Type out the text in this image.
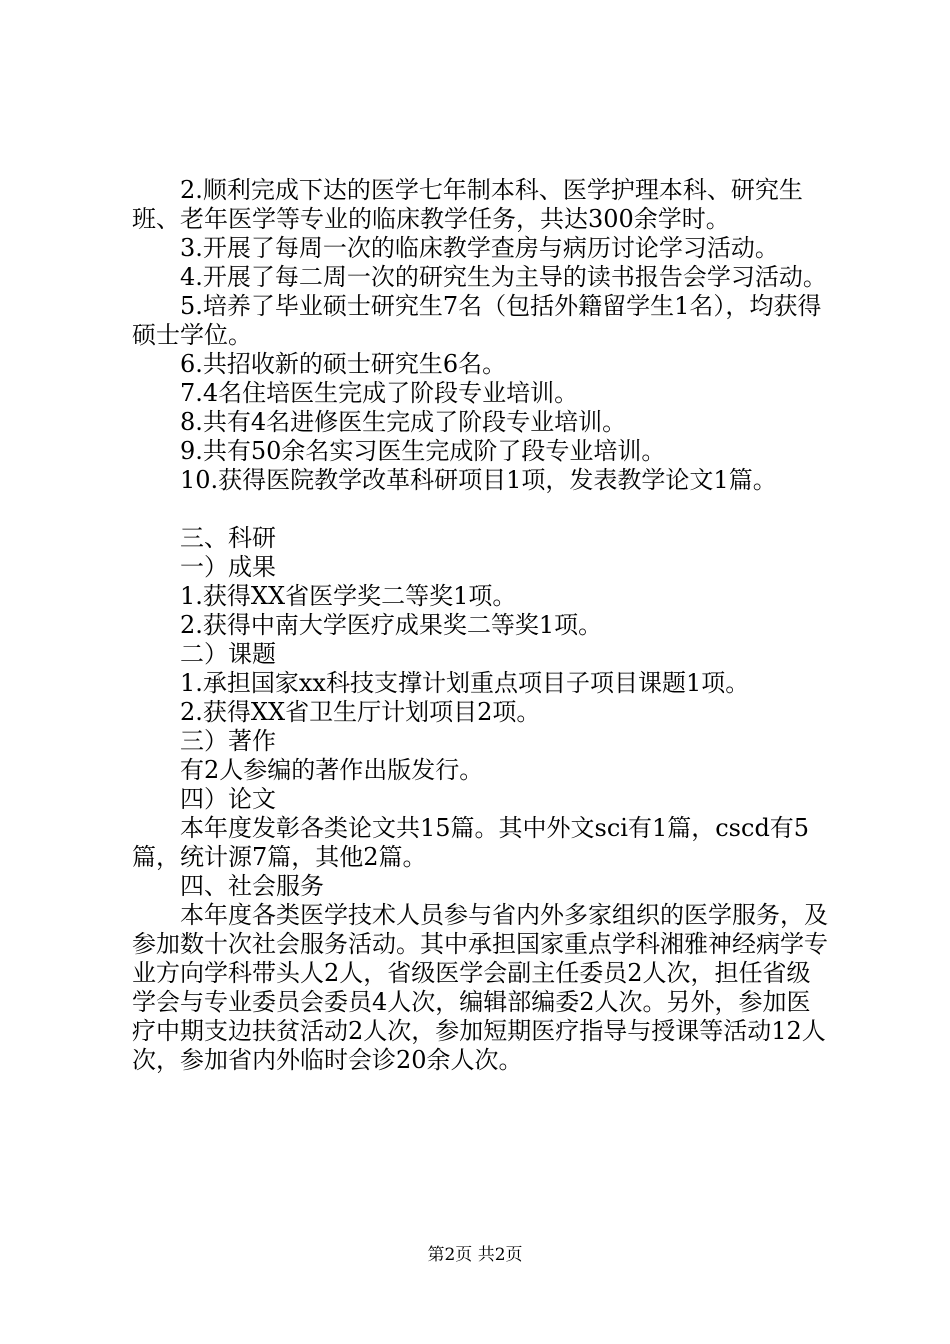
2.顺利完成下达的医学七年制本科、医学护理本科、研究生班、老年医学等专业的临床教学任务，共达300余学时。

3.开展了每周一次的临床教学查房与病历讨论学习活动。

4.开展了每二周一次的研究生为主导的读书报告会学习活动。

5.培养了毕业硕士研究生7名（包括外籍留学生1名），均获得硕士学位。

6.共招收新的硕士研究生6名。

7.4名住培医生完成了阶段专业培训。

8.共有4名进修医生完成了阶段专业培训。

9.共有50余名实习医生完成阶了段专业培训。

10.获得医院教学改革科研项目1项，发表教学论文1篇。

三、科研

一）成果

1.获得XX省医学奖二等奖1项。

2.获得中南大学医疗成果奖二等奖1项。

二）课题

1.承担国家xx科技支撑计划重点项目子项目课题1项。

2.获得XX省卫生厅计划项目2项。

三）著作

有2人参编的著作出版发行。

四）论文

本年度发彰各类论文共15篇。其中外文sci有1篇，cscd有5篇，统计源7篇，其他2篇。

四、社会服务

本年度各类医学技术人员参与省内外多家组织的医学服务，及参加数十次社会服务活动。其中承担国家重点学科湘雅神经病学专业方向学科带头人2人，省级医学会副主任委员2人次，担任省级学会与专业委员会委员4人次，编辑部编委2人次。另外，参加医疗中期支边扶贫活动2人次，参加短期医疗指导与授课等活动12人次，参加省内外临时会诊20余人次。

第2页 共2页
